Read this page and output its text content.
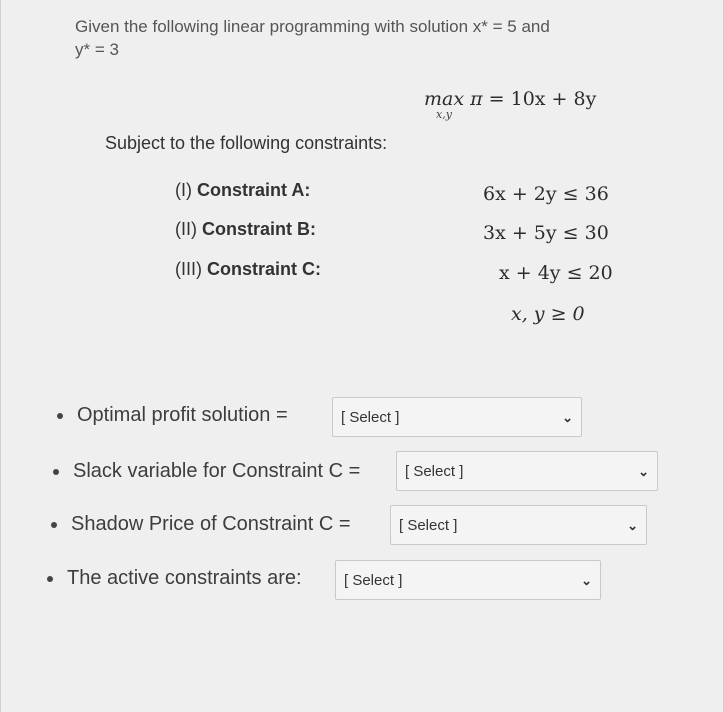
Given the following linear programming with solution x* = 5 and
y* = 3
max π = 10x + 8y
x,y
Subject to the following constraints:
(I) Constraint A:	6x + 2y ≤ 36
(II) Constraint B:	3x + 5y ≤ 30
(III) Constraint C:	x + 4y ≤ 20
x, y ≥ 0
Optimal profit solution =	[ Select ]	⌄
Slack variable for Constraint C =	[ Select ]	⌄
Shadow Price of Constraint C =	[ Select ]	⌄
The active constraints are:	[ Select ]	⌄
